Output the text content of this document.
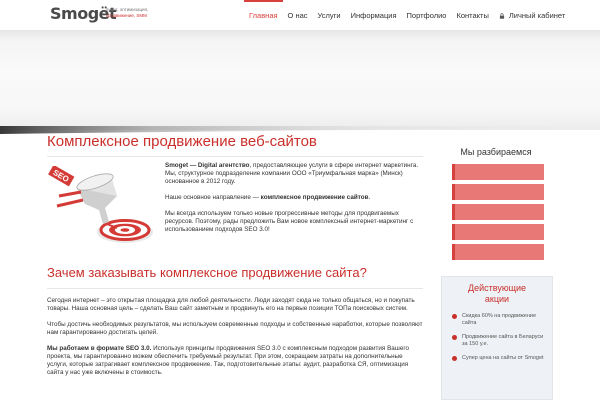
Smogёt
аудит, оптимизация,
продвижение, SMM	Главная	О нас	Услуги	Информация	Портфолио	Контакты	Личный кабинет
Комплексное продвижение веб-сайтов
SEO

Smoget — Digital агентство, предоставляющее услуги в сфере интернет маркетинга. Мы, структурное подразделение компании ООО «Триумфальная марка» (Минск) основанное в 2012 году.

Наше основное направление — комплексное продвижение сайтов.

Мы всегда используем только новые прогрессивные методы для продвигаемых ресурсов. Поэтому, рады предложить Вам новое комплексный интернет-маркетинг с использованием подходов SEO 3.0!

Зачем заказывать комплексное продвижение сайта?

Сегодня интернет – это открытая площадка для любой деятельности. Люди заходят сюда не только общаться, но и покупать товары. Наша основная цель – сделать Ваш сайт заметным и продвинуть его на первые позиции ТОПа поисковых систем.

Чтобы достичь необходимых результатов, мы используем современные подходы и собственные наработки, которые позволяют нам гарантированно достигать целей.

Мы работаем в формате SEO 3.0. Используя принципы продвижения SEO 3.0 с комплексным подходом развития Вашего проекта, мы гарантированно можем обеспечить требуемый результат. При этом, сокращаем затраты на дополнительные услуги, которые затрагивает комплексное продвижение. Так, подготовительные этапы: аудит, разработка СЯ, оптимизация сайта у нас уже включены в стоимость.

Мы разбираемся
Действующие
акции
Скидка 60% на продвижение сайта
Продвижение сайта в Беларуси за 150 у.е.
Супер цена на сайты от Smoget
